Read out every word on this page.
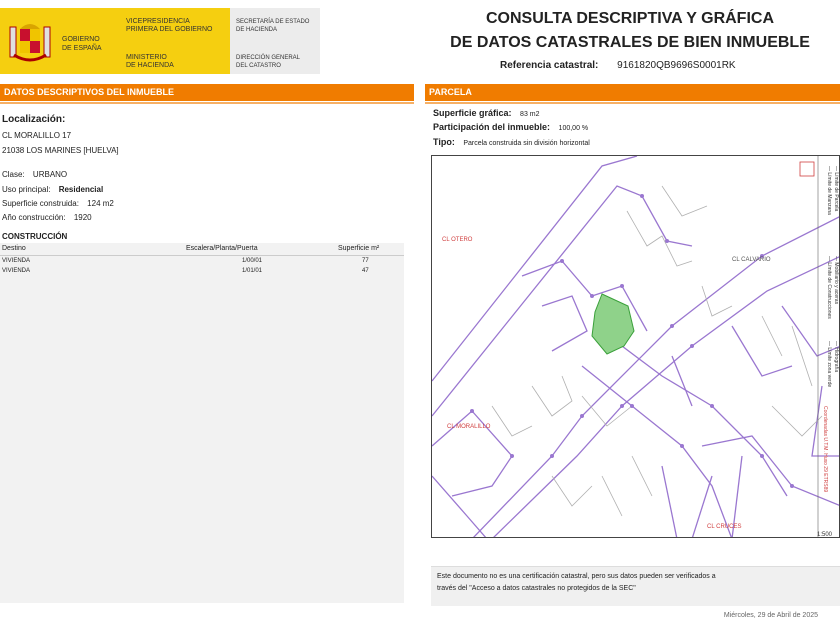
GOBIERNO
DE ESPAÑA
VICEPRESIDENCIA
PRIMERA DEL GOBIERNO
MINISTERIO
DE HACIENDA
SECRETARÍA DE ESTADO
DE HACIENDA
DIRECCIÓN GENERAL
DEL CATASTRO
CONSULTA DESCRIPTIVA Y GRÁFICA
DE DATOS CATASTRALES DE BIEN INMUEBLE
Referencia catastral: 9161820QB9696S0001RK
DATOS DESCRIPTIVOS DEL INMUEBLE	PARCELA
Localización:
CL MORALILLO 17
21038 LOS MARINES [HUELVA]
Clase: URBANO
Uso principal: Residencial
Superficie construida: 124 m2
Año construcción: 1920
CONSTRUCCIÓN
Destino	Escalera/Planta/Puerta	Superficie m²
VIVIENDA	1/00/01	77
VIVIENDA	1/01/01	47
Superficie gráfica: 83 m2
Participación del inmueble: 100,00 %
Tipo: Parcela construida sin división horizontal
CL OTERO
CL CALVARIO
CL MORALILLO
CL CRUCES
1:500
— Límite de Manzana — Límite de Parcela
— Límite de Construcciones — Mobiliario y aceras
— Límite zona verde — Hidrografía
Coordenadas U.T.M. Huso 29 ETRS89
Este documento no es una certificación catastral, pero sus datos pueden ser verificados a
través del "Acceso a datos catastrales no protegidos de la SEC"
Miércoles, 29 de Abril de 2025
